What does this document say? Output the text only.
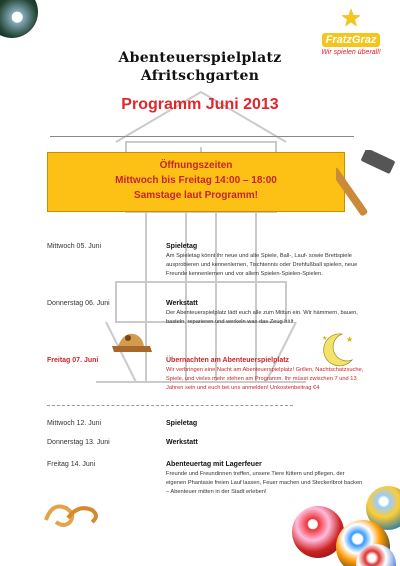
★
FratzGraz
Wir spielen überall!
Abenteuerspielplatz
Afritschgarten
Programm Juni 2013
Öffnungszeiten
Mittwoch bis Freitag 14:00 – 18:00
Samstage laut Programm!
Mittwoch 05. Juni	Spieletag
Am Spieletag könnt ihr neue und alte Spiele, Ball-, Lauf- sowie Brettspiele ausprobieren und kennenlernen, Tischtennis oder Drehfußball spielen, neue Freunde kennenlernen und vor allem Spielen-Spielen-Spielen.
Donnerstag 06. Juni	Werkstatt
Der Abenteuerspielplatz lädt euch alle zum Mittun ein. Wir hämmern, bauen, basteln, reparieren und werkeln was das Zeug hält.
Freitag 07. Juni	Übernachten am Abenteuerspielplatz
Wir verbringen eine Nacht am Abenteuerspielplatz! Grillen, Nachtschatzsuche, Spiele, und vieles mehr stehen am Programm. Ihr müsst zwischen 7 und 13 Jahren sein und euch bei uns anmelden! Unkostenbeitrag €4
★
★
Mittwoch 12. Juni	Spieletag
Donnerstag 13. Juni	Werkstatt
Freitag 14. Juni	Abenteuertag mit Lagerfeuer
Freunde und Freundinnen treffen, unsere Tiere füttern und pflegen, der eigenen Phantasie freien Lauf lassen, Feuer machen und Steckerlbrot backen – Abenteuer mitten in der Stadt erleben!
